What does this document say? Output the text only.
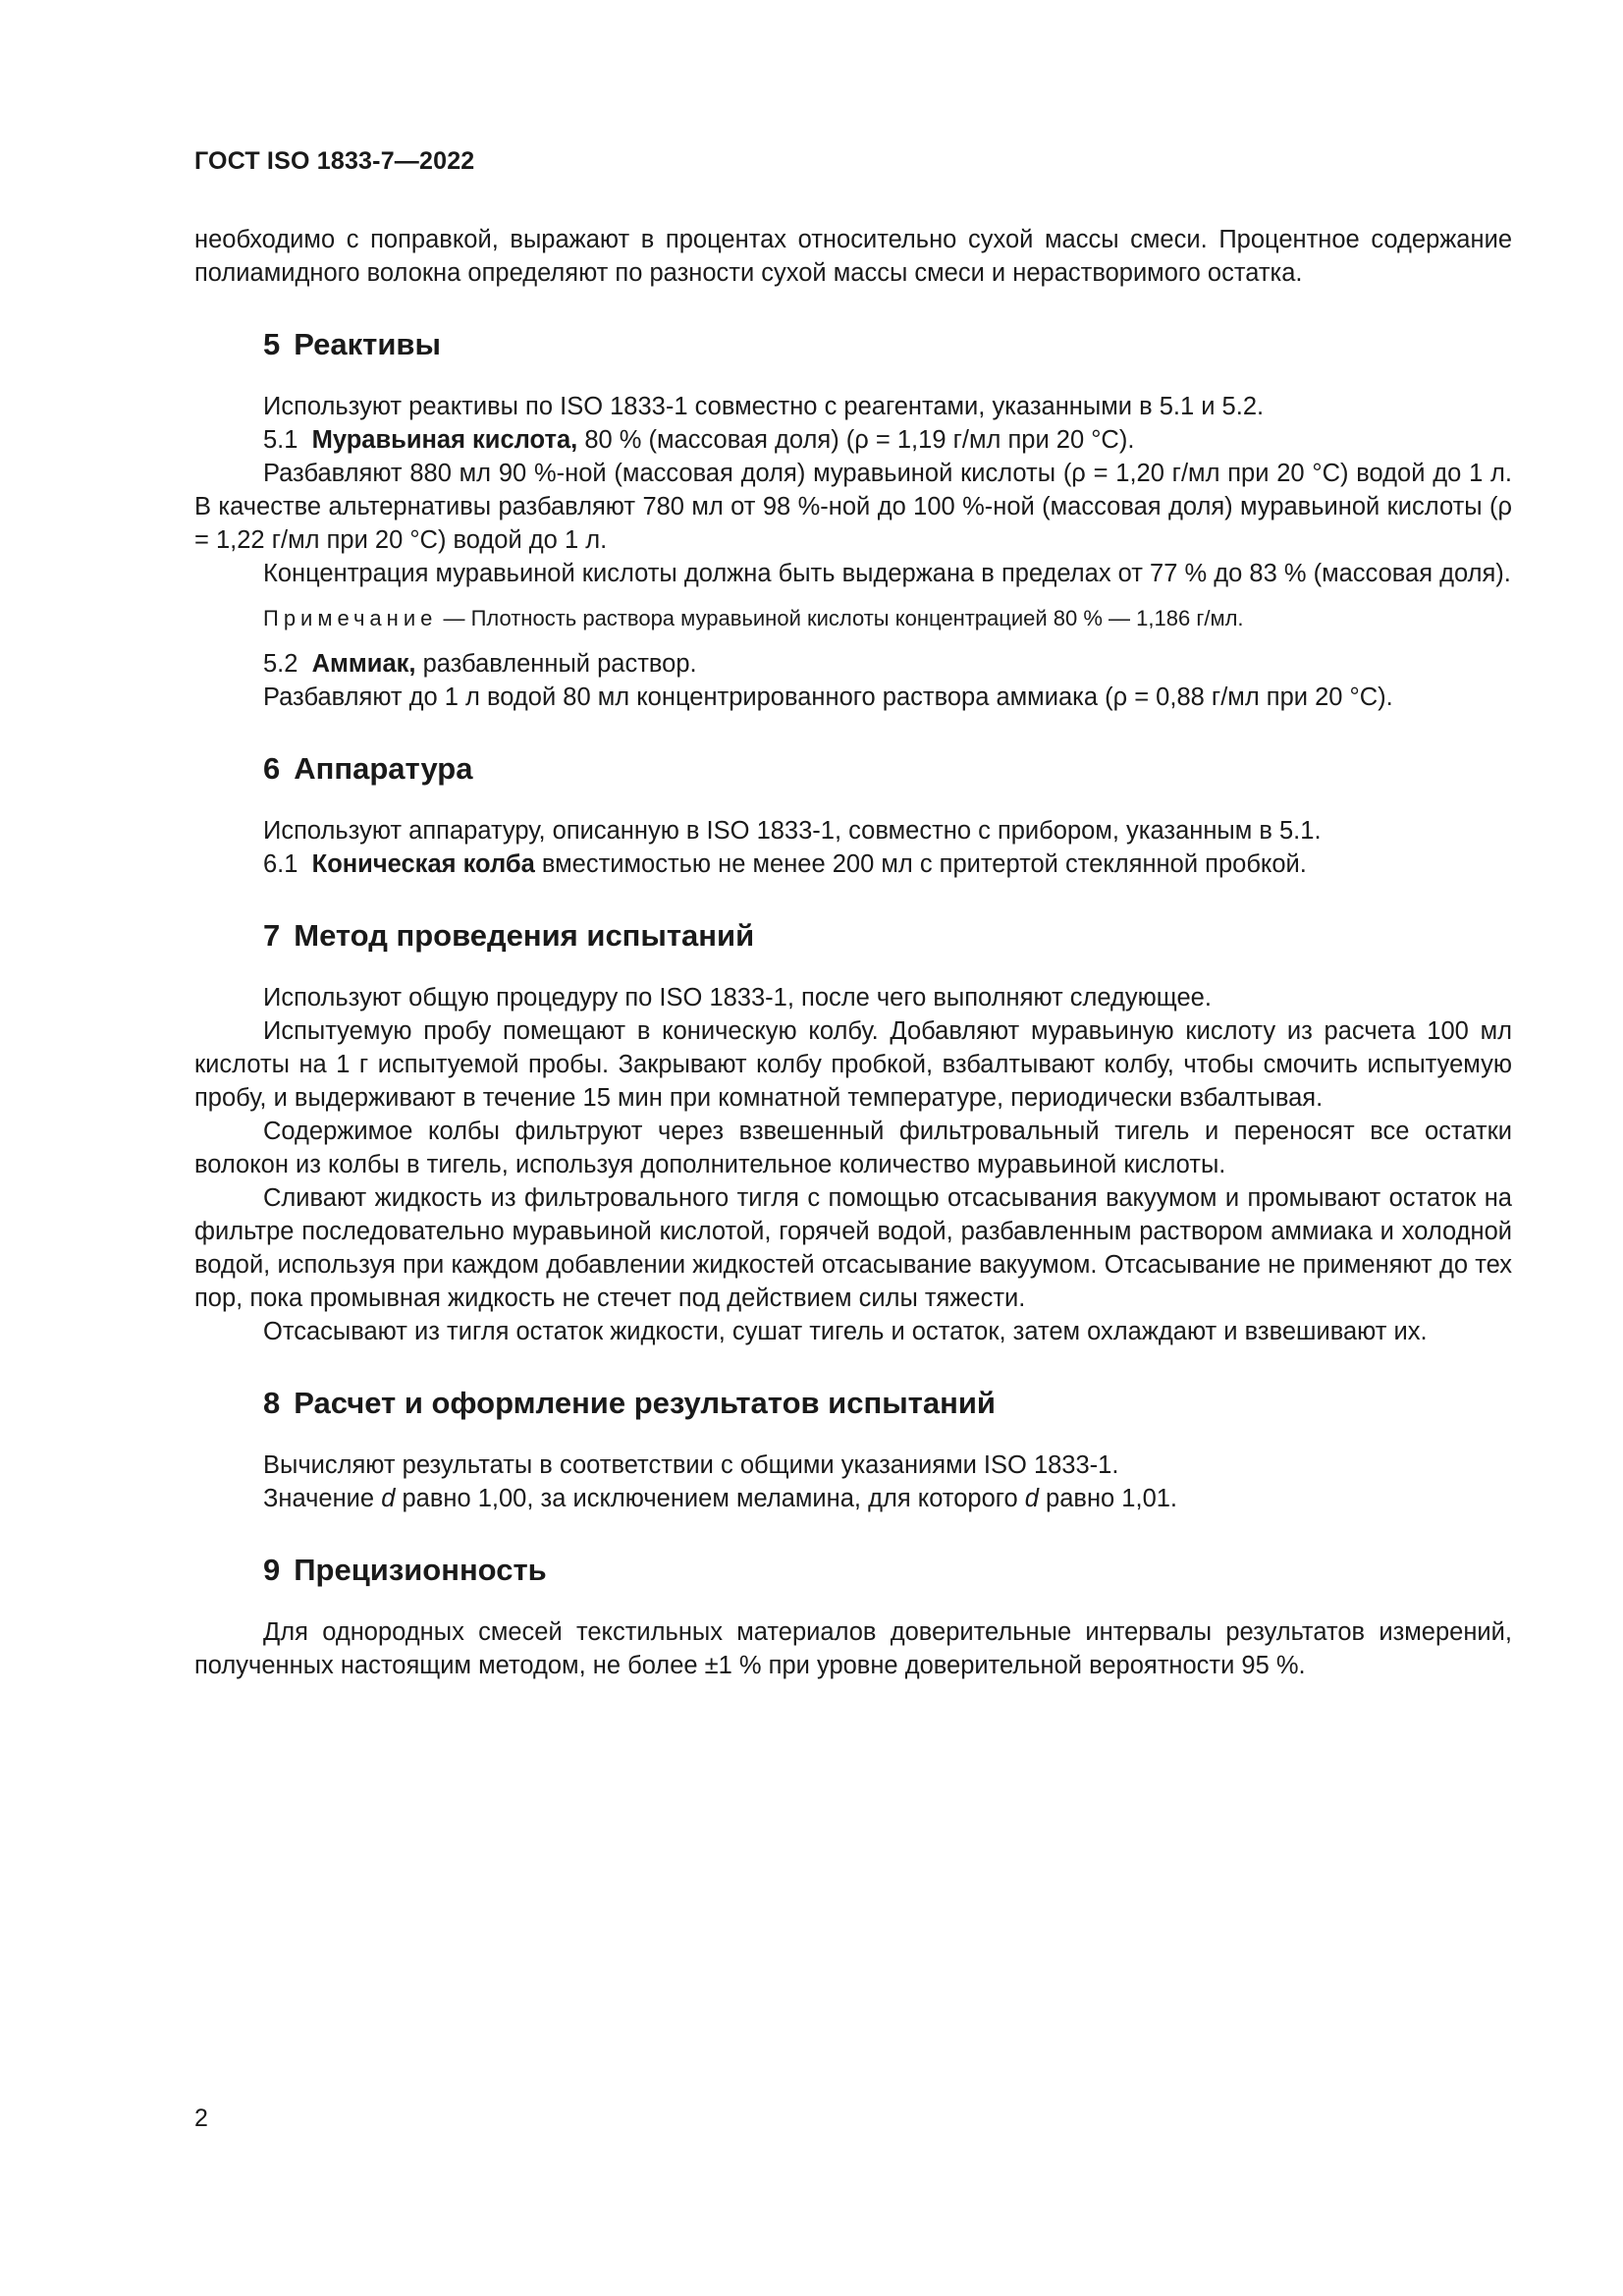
ГОСТ ISO 1833-7—2022

необходимо с поправкой, выражают в процентах относительно сухой массы смеси. Процентное содержание полиамидного волокна определяют по разности сухой массы смеси и нерастворимого остатка.

5 Реактивы

Используют реактивы по ISO 1833-1 совместно с реагентами, указанными в 5.1 и 5.2.

5.1 Муравьиная кислота, 80 % (массовая доля) (ρ = 1,19 г/мл при 20 °С).

Разбавляют 880 мл 90 %-ной (массовая доля) муравьиной кислоты (ρ = 1,20 г/мл при 20 °С) водой до 1 л. В качестве альтернативы разбавляют 780 мл от 98 %-ной до 100 %-ной (массовая доля) муравьиной кислоты (ρ = 1,22 г/мл при 20 °С) водой до 1 л.

Концентрация муравьиной кислоты должна быть выдержана в пределах от 77 % до 83 % (массовая доля).

Примечание — Плотность раствора муравьиной кислоты концентрацией 80 % — 1,186 г/мл.

5.2 Аммиак, разбавленный раствор.

Разбавляют до 1 л водой 80 мл концентрированного раствора аммиака (ρ = 0,88 г/мл при 20 °С).

6 Аппаратура

Используют аппаратуру, описанную в ISO 1833-1, совместно с прибором, указанным в 5.1.

6.1 Коническая колба вместимостью не менее 200 мл с притертой стеклянной пробкой.

7 Метод проведения испытаний

Используют общую процедуру по ISO 1833-1, после чего выполняют следующее.

Испытуемую пробу помещают в коническую колбу. Добавляют муравьиную кислоту из расчета 100 мл кислоты на 1 г испытуемой пробы. Закрывают колбу пробкой, взбалтывают колбу, чтобы смочить испытуемую пробу, и выдерживают в течение 15 мин при комнатной температуре, периодически взбалтывая.

Содержимое колбы фильтруют через взвешенный фильтровальный тигель и переносят все остатки волокон из колбы в тигель, используя дополнительное количество муравьиной кислоты.

Сливают жидкость из фильтровального тигля с помощью отсасывания вакуумом и промывают остаток на фильтре последовательно муравьиной кислотой, горячей водой, разбавленным раствором аммиака и холодной водой, используя при каждом добавлении жидкостей отсасывание вакуумом. Отсасывание не применяют до тех пор, пока промывная жидкость не стечет под действием силы тяжести.

Отсасывают из тигля остаток жидкости, сушат тигель и остаток, затем охлаждают и взвешивают их.

8 Расчет и оформление результатов испытаний

Вычисляют результаты в соответствии с общими указаниями ISO 1833-1.

Значение d равно 1,00, за исключением меламина, для которого d равно 1,01.

9 Прецизионность

Для однородных смесей текстильных материалов доверительные интервалы результатов измерений, полученных настоящим методом, не более ±1 % при уровне доверительной вероятности 95 %.

2
